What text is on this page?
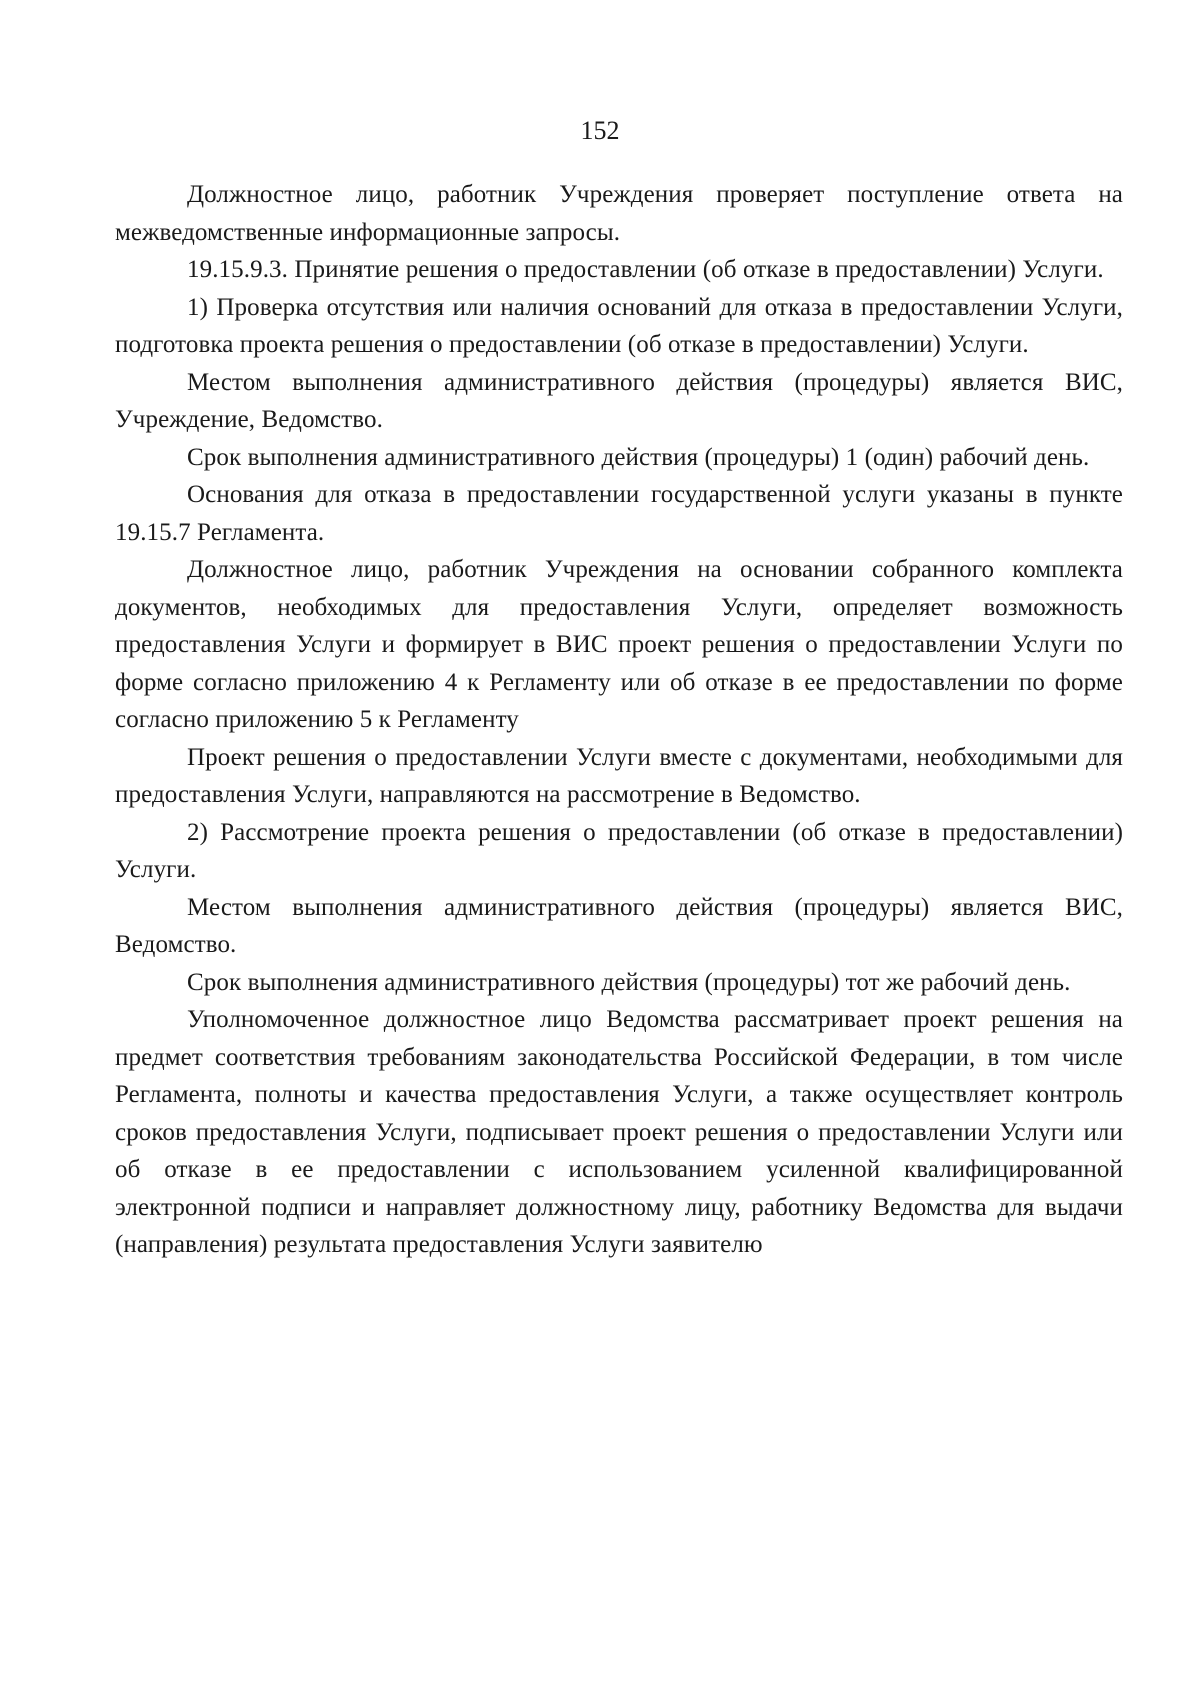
152

Должностное лицо, работник Учреждения проверяет поступление ответа на межведомственные информационные запросы.

19.15.9.3. Принятие решения о предоставлении (об отказе в предоставлении) Услуги.

1) Проверка отсутствия или наличия оснований для отказа в предоставлении Услуги, подготовка проекта решения о предоставлении (об отказе в предоставлении) Услуги.

Местом выполнения административного действия (процедуры) является ВИС, Учреждение, Ведомство.

Срок выполнения административного действия (процедуры) 1 (один) рабочий день.

Основания для отказа в предоставлении государственной услуги указаны в пункте 19.15.7 Регламента.

Должностное лицо, работник Учреждения на основании собранного комплекта документов, необходимых для предоставления Услуги, определяет возможность предоставления Услуги и формирует в ВИС проект решения о предоставлении Услуги по форме согласно приложению 4 к Регламенту или об отказе в ее предоставлении по форме согласно приложению 5 к Регламенту

Проект решения о предоставлении Услуги вместе с документами, необходимыми для предоставления Услуги, направляются на рассмотрение в Ведомство.

2) Рассмотрение проекта решения о предоставлении (об отказе в предоставлении) Услуги.

Местом выполнения административного действия (процедуры) является ВИС, Ведомство.

Срок выполнения административного действия (процедуры) тот же рабочий день.

Уполномоченное должностное лицо Ведомства рассматривает проект решения на предмет соответствия требованиям законодательства Российской Федерации, в том числе Регламента, полноты и качества предоставления Услуги, а также осуществляет контроль сроков предоставления Услуги, подписывает проект решения о предоставлении Услуги или об отказе в ее предоставлении с использованием усиленной квалифицированной электронной подписи и направляет должностному лицу, работнику Ведомства для выдачи (направления) результата предоставления Услуги заявителю
